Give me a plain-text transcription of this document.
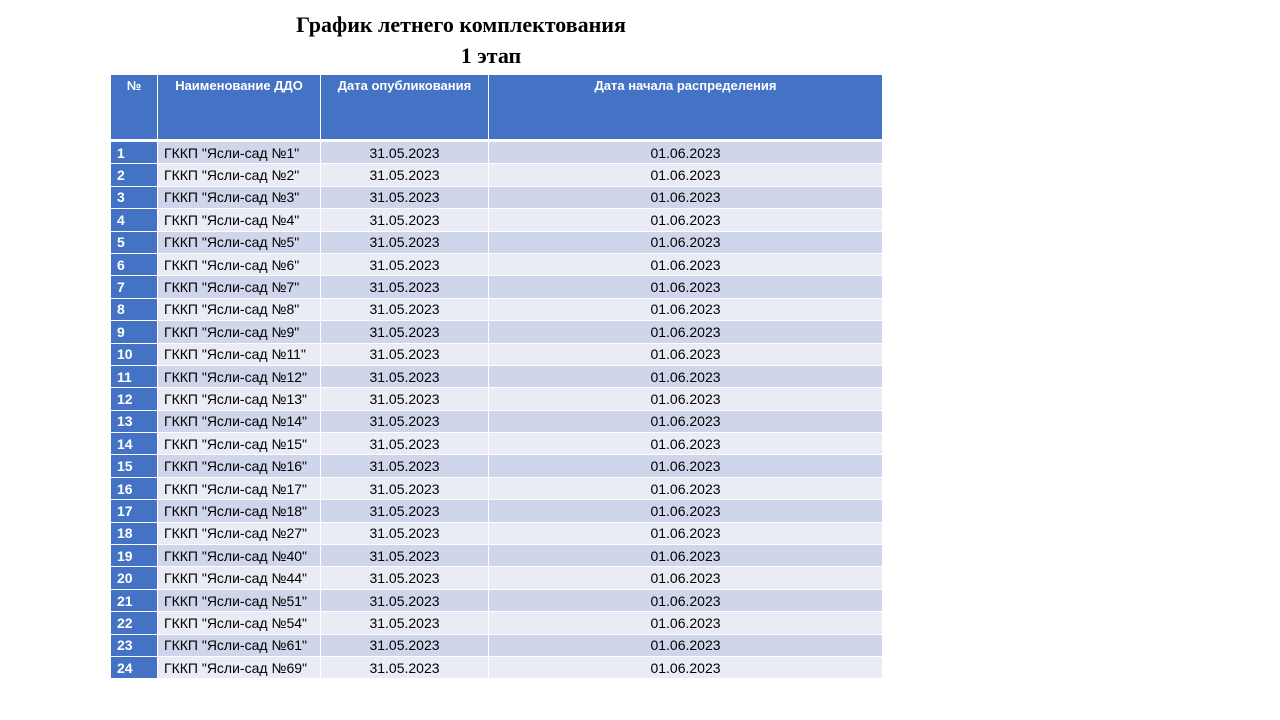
График летнего комплектования
1 этап
№	Наименование ДДО	Дата опубликования	Дата начала распределения
1	ГККП "Ясли-сад №1"	31.05.2023	01.06.2023
2	ГККП "Ясли-сад №2"	31.05.2023	01.06.2023
3	ГККП "Ясли-сад №3"	31.05.2023	01.06.2023
4	ГККП "Ясли-сад №4"	31.05.2023	01.06.2023
5	ГККП "Ясли-сад №5"	31.05.2023	01.06.2023
6	ГККП "Ясли-сад №6"	31.05.2023	01.06.2023
7	ГККП "Ясли-сад №7"	31.05.2023	01.06.2023
8	ГККП "Ясли-сад №8"	31.05.2023	01.06.2023
9	ГККП "Ясли-сад №9"	31.05.2023	01.06.2023
10	ГККП "Ясли-сад №11"	31.05.2023	01.06.2023
11	ГККП "Ясли-сад №12"	31.05.2023	01.06.2023
12	ГККП "Ясли-сад №13"	31.05.2023	01.06.2023
13	ГККП "Ясли-сад №14"	31.05.2023	01.06.2023
14	ГККП "Ясли-сад №15"	31.05.2023	01.06.2023
15	ГККП "Ясли-сад №16"	31.05.2023	01.06.2023
16	ГККП "Ясли-сад №17"	31.05.2023	01.06.2023
17	ГККП "Ясли-сад №18"	31.05.2023	01.06.2023
18	ГККП "Ясли-сад №27"	31.05.2023	01.06.2023
19	ГККП "Ясли-сад №40"	31.05.2023	01.06.2023
20	ГККП "Ясли-сад №44"	31.05.2023	01.06.2023
21	ГККП "Ясли-сад №51"	31.05.2023	01.06.2023
22	ГККП "Ясли-сад №54"	31.05.2023	01.06.2023
23	ГККП "Ясли-сад №61"	31.05.2023	01.06.2023
24	ГККП "Ясли-сад №69"	31.05.2023	01.06.2023
